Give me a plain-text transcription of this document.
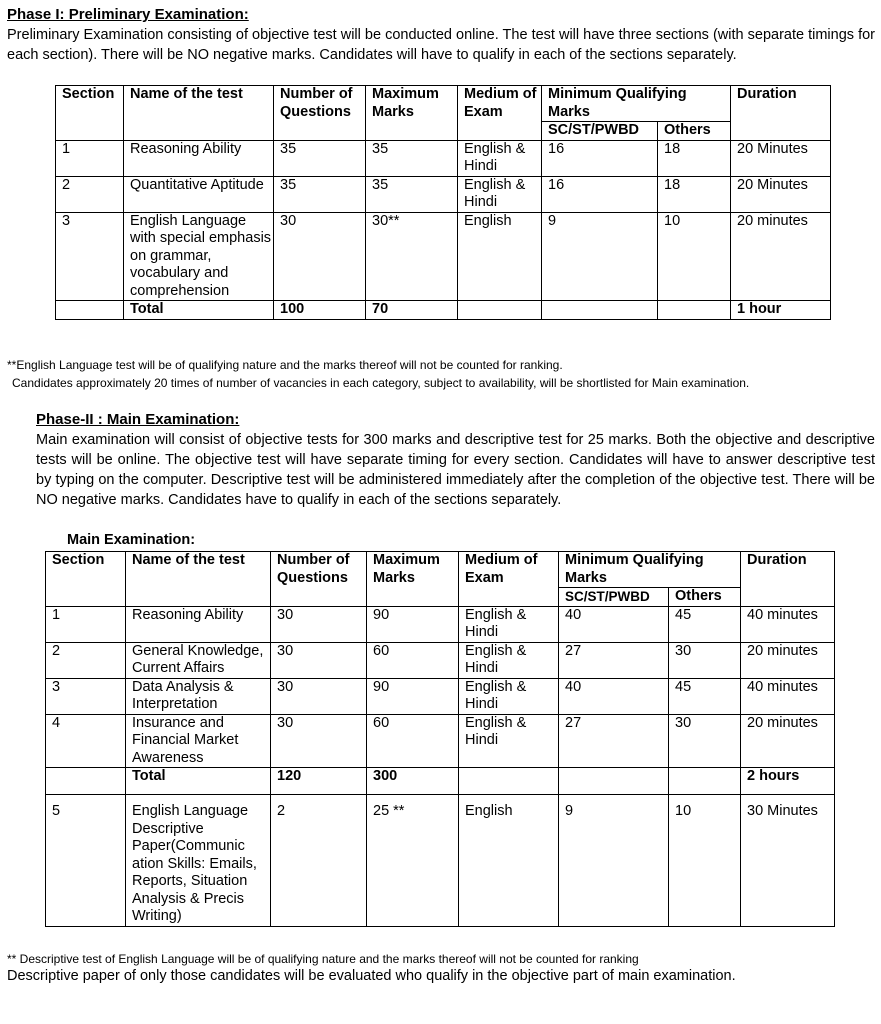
Phase I: Preliminary Examination:
Preliminary Examination consisting of objective test will be conducted online. The test will have three sections (with separate timings for each section). There will be NO negative marks. Candidates will have to qualify in each of the sections separately.
Section	Name of the test	Number of Questions	Maximum Marks	Medium of Exam	Minimum Qualifying Marks		Duration
					SC/ST/PWBD	Others	
1	Reasoning Ability	35	35	English & Hindi	16	18	20 Minutes
2	Quantitative Aptitude	35	35	English & Hindi	16	18	20 Minutes
3	English Language with special emphasis on grammar, vocabulary and comprehension	30	30**	English	9	10	20 minutes
	Total	100	70				1 hour
**English Language test will be of qualifying nature and the marks thereof will not be counted for ranking.
Candidates approximately 20 times of number of vacancies in each category, subject to availability, will be shortlisted for Main examination.
Phase-II : Main Examination:
Main examination will consist of objective tests for 300 marks and descriptive test for 25 marks. Both the objective and descriptive tests will be online. The objective test will have separate timing for every section. Candidates will have to answer descriptive test by typing on the computer. Descriptive test will be administered immediately after the completion of the objective test. There will be NO negative marks. Candidates have to qualify in each of the sections separately.
Main Examination:
Section	Name of the test	Number of Questions	Maximum Marks	Medium of Exam	Minimum Qualifying Marks		Duration
					SC/ST/PWBD	Others	
1	Reasoning Ability	30	90	English & Hindi	40	45	40 minutes
2	General Knowledge, Current Affairs	30	60	English & Hindi	27	30	20 minutes
3	Data Analysis & Interpretation	30	90	English & Hindi	40	45	40 minutes
4	Insurance and Financial Market Awareness	30	60	English & Hindi	27	30	20 minutes
	Total	120	300				2 hours
5	English Language Descriptive Paper(Communic ation Skills: Emails, Reports, Situation Analysis & Precis Writing)	2	25 **	English	9	10	30 Minutes
** Descriptive test of English Language will be of qualifying nature and the marks thereof will not be counted for ranking
Descriptive paper of only those candidates will be evaluated who qualify in the objective part of main examination.
